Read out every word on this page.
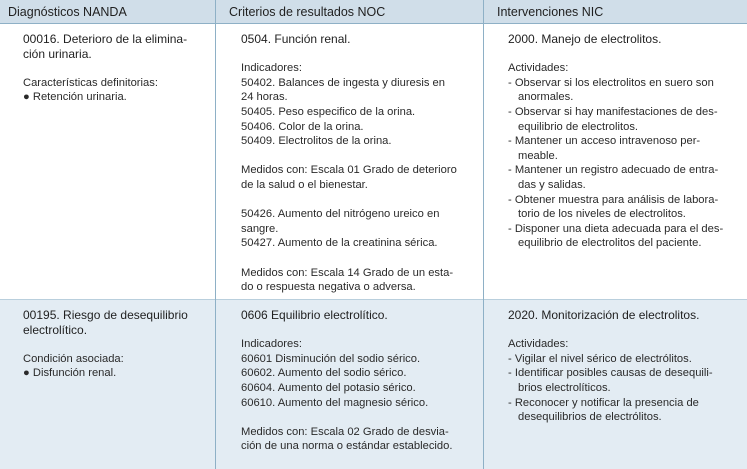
Diagnósticos NANDA	Criterios de resultados NOC	Intervenciones NIC
00016. Deterioro de la elimina-
ción urinaria.
Características definitorias:
● Retención urinaria.
0504. Función renal.
Indicadores:
50402. Balances de ingesta y diuresis en
24 horas.
50405. Peso especifico de la orina.
50406. Color de la orina.
50409. Electrolitos de la orina.
Medidos con: Escala 01 Grado de deterioro
de la salud o el bienestar.
50426. Aumento del nitrógeno ureico en
sangre.
50427. Aumento de la creatinina sérica.
Medidos con: Escala 14 Grado de un esta-
do o respuesta negativa o adversa.
2000. Manejo de electrolitos.
Actividades:
- Observar si los electrolitos en suero son
anormales.
- Observar si hay manifestaciones de des-
equilibrio de electrolitos.
- Mantener un acceso intravenoso per-
meable.
- Mantener un registro adecuado de entra-
das y salidas.
- Obtener muestra para análisis de labora-
torio de los niveles de electrolitos.
- Disponer una dieta adecuada para el des-
equilibrio de electrolitos del paciente.
00195. Riesgo de desequilibrio
electrolítico.
Condición asociada:
● Disfunción renal.
0606 Equilibrio electrolítico.
Indicadores:
60601 Disminución del sodio sérico.
60602. Aumento del sodio sérico.
60604. Aumento del potasio sérico.
60610. Aumento del magnesio sérico.
Medidos con: Escala 02 Grado de desvia-
ción de una norma o estándar establecido.
2020. Monitorización de electrolitos.
Actividades:
- Vigilar el nivel sérico de electrólitos.
- Identificar posibles causas de desequili-
brios electrolíticos.
- Reconocer y notificar la presencia de
desequilibrios de electrólitos.
